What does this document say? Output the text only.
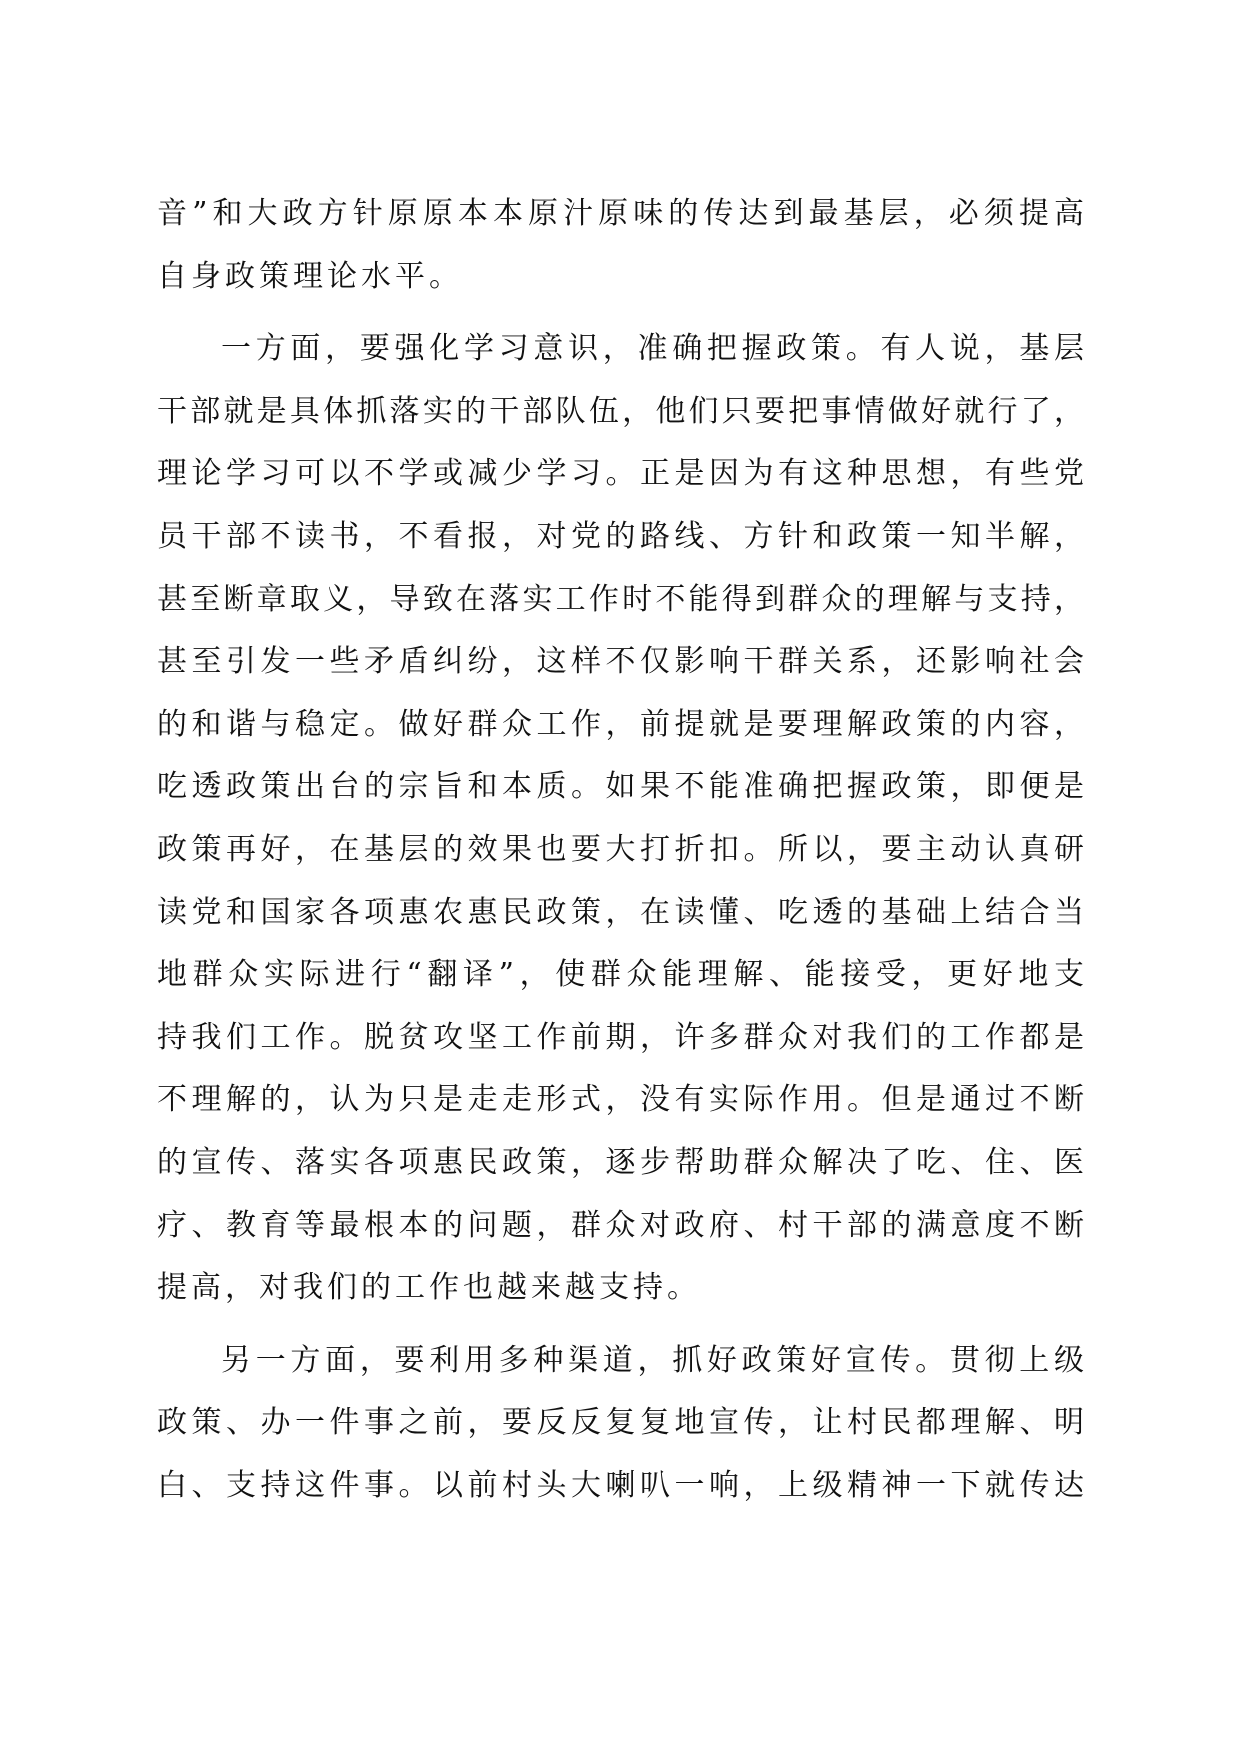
音”和大政方针原原本本原汁原味的传达到最基层，必须提高
自身政策理论水平。
一方面，要强化学习意识，准确把握政策。有人说，基层
干部就是具体抓落实的干部队伍，他们只要把事情做好就行了，
理论学习可以不学或减少学习。正是因为有这种思想，有些党
员干部不读书，不看报，对党的路线、方针和政策一知半解，
甚至断章取义，导致在落实工作时不能得到群众的理解与支持，
甚至引发一些矛盾纠纷，这样不仅影响干群关系，还影响社会
的和谐与稳定。做好群众工作，前提就是要理解政策的内容，
吃透政策出台的宗旨和本质。如果不能准确把握政策，即便是
政策再好，在基层的效果也要大打折扣。所以，要主动认真研
读党和国家各项惠农惠民政策，在读懂、吃透的基础上结合当
地群众实际进行“翻译”，使群众能理解、能接受，更好地支
持我们工作。脱贫攻坚工作前期，许多群众对我们的工作都是
不理解的，认为只是走走形式，没有实际作用。但是通过不断
的宣传、落实各项惠民政策，逐步帮助群众解决了吃、住、医
疗、教育等最根本的问题，群众对政府、村干部的满意度不断
提高，对我们的工作也越来越支持。
另一方面，要利用多种渠道，抓好政策好宣传。贯彻上级
政策、办一件事之前，要反反复复地宣传，让村民都理解、明
白、支持这件事。以前村头大喇叭一响，上级精神一下就传达
